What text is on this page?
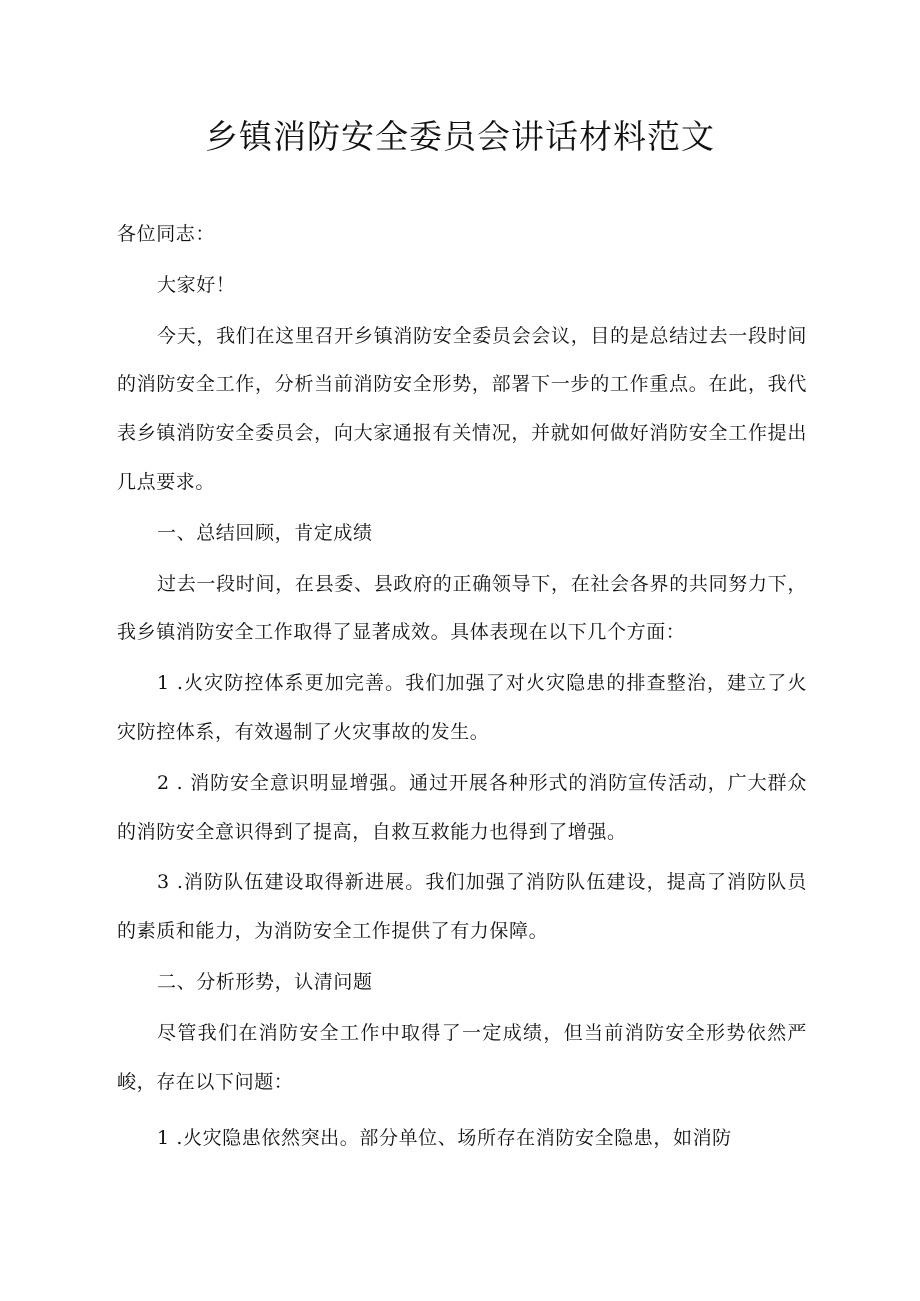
乡镇消防安全委员会讲话材料范文

各位同志：

大家好！

今天，我们在这里召开乡镇消防安全委员会会议，目的是总结过去一段时间的消防安全工作，分析当前消防安全形势，部署下一步的工作重点。在此，我代表乡镇消防安全委员会，向大家通报有关情况，并就如何做好消防安全工作提出几点要求。

一、总结回顾，肯定成绩

过去一段时间，在县委、县政府的正确领导下，在社会各界的共同努力下，我乡镇消防安全工作取得了显著成效。具体表现在以下几个方面：

1 .火灾防控体系更加完善。我们加强了对火灾隐患的排查整治，建立了火灾防控体系，有效遏制了火灾事故的发生。

2 . 消防安全意识明显增强。通过开展各种形式的消防宣传活动，广大群众的消防安全意识得到了提高，自救互救能力也得到了增强。

3 .消防队伍建设取得新进展。我们加强了消防队伍建设，提高了消防队员的素质和能力，为消防安全工作提供了有力保障。

二、分析形势，认清问题

尽管我们在消防安全工作中取得了一定成绩，但当前消防安全形势依然严峻，存在以下问题：

1 .火灾隐患依然突出。部分单位、场所存在消防安全隐患，如消防
